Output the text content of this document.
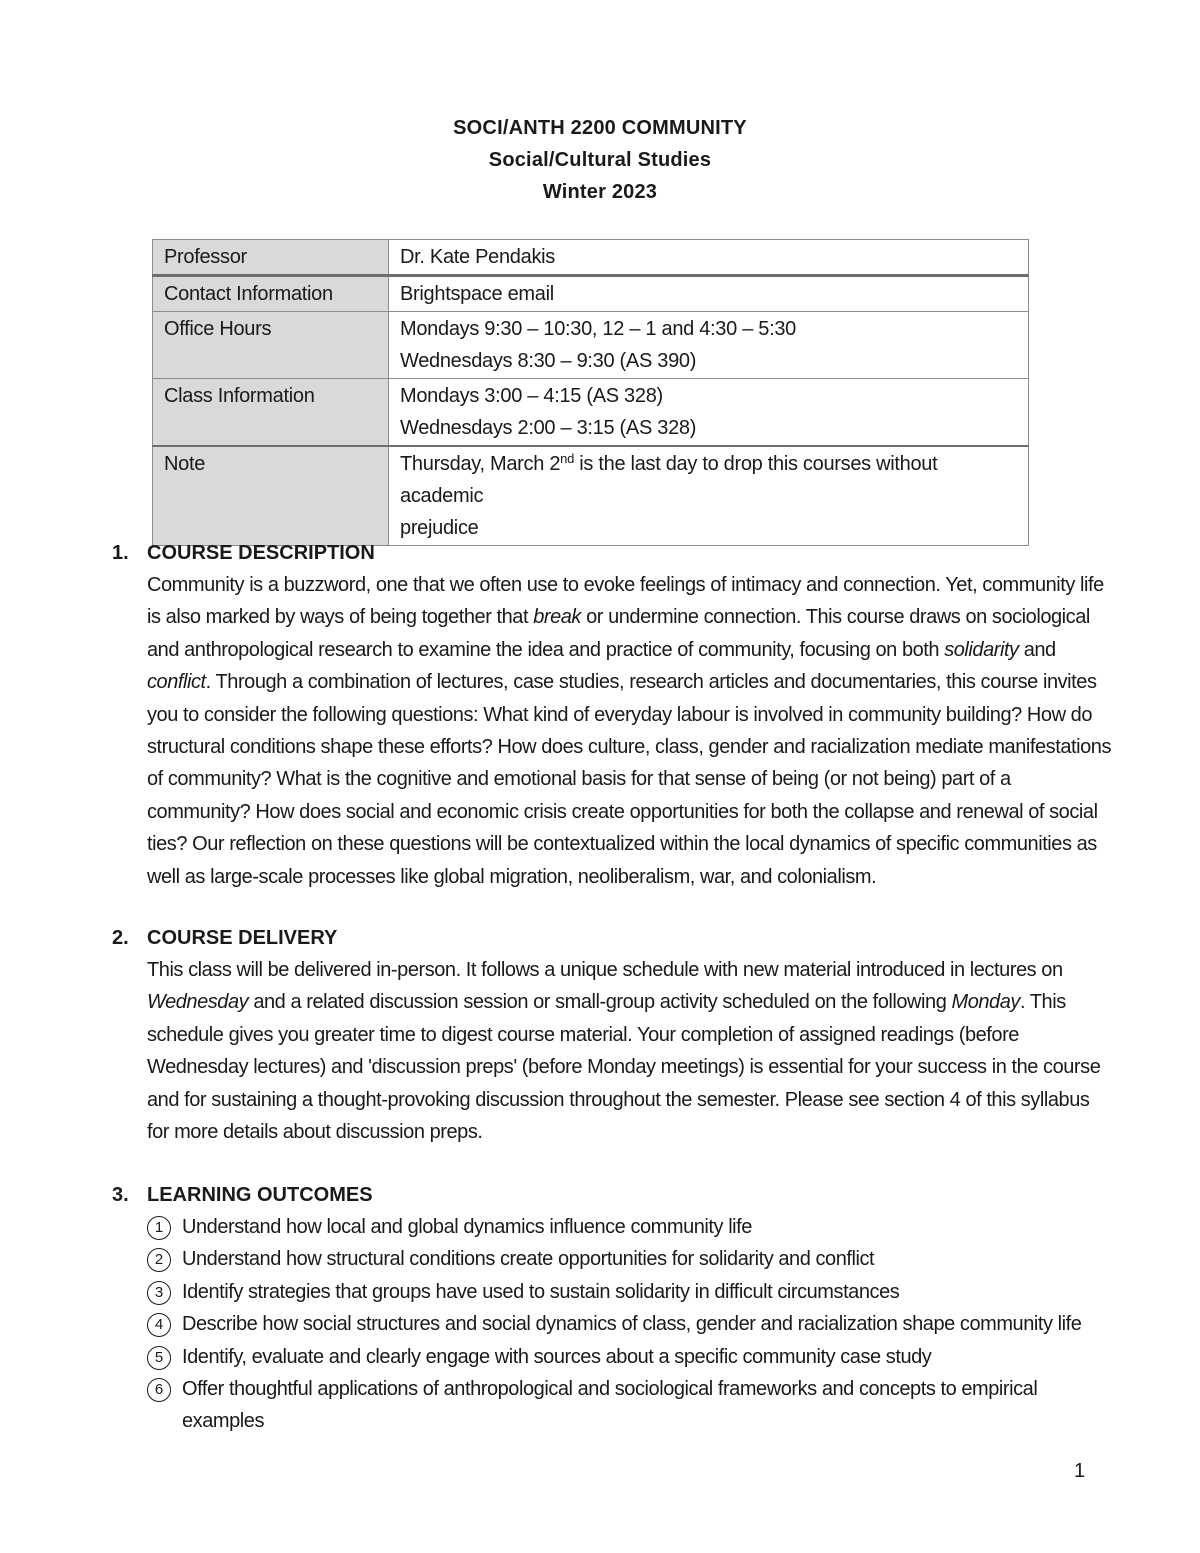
SOCI/ANTH 2200 COMMUNITY
Social/Cultural Studies
Winter 2023
Professor	Dr. Kate Pendakis
Contact Information	Brightspace email
Office Hours	Mondays 9:30 – 10:30, 12 – 1 and 4:30 – 5:30
Wednesdays 8:30 – 9:30 (AS 390)

Class Information	Mondays 3:00 – 4:15 (AS 328)
Wednesdays 2:00 – 3:15 (AS 328)

Note	Thursday, March 2nd is the last day to drop this courses without academic
prejudice
1. COURSE DESCRIPTION
Community is a buzzword, one that we often use to evoke feelings of intimacy and connection. Yet, community life
is also marked by ways of being together that break or undermine connection. This course draws on sociological
and anthropological research to examine the idea and practice of community, focusing on both solidarity and
conflict. Through a combination of lectures, case studies, research articles and documentaries, this course invites
you to consider the following questions: What kind of everyday labour is involved in community building? How do
structural conditions shape these efforts? How does culture, class, gender and racialization mediate manifestations
of community? What is the cognitive and emotional basis for that sense of being (or not being) part of a
community? How does social and economic crisis create opportunities for both the collapse and renewal of social
ties? Our reflection on these questions will be contextualized within the local dynamics of specific communities as
well as large-scale processes like global migration, neoliberalism, war, and colonialism.
2. COURSE DELIVERY
This class will be delivered in-person. It follows a unique schedule with new material introduced in lectures on
Wednesday and a related discussion session or small-group activity scheduled on the following Monday. This
schedule gives you greater time to digest course material. Your completion of assigned readings (before
Wednesday lectures) and 'discussion preps' (before Monday meetings) is essential for your success in the course
and for sustaining a thought-provoking discussion throughout the semester. Please see section 4 of this syllabus
for more details about discussion preps.
3. LEARNING OUTCOMES
1 Understand how local and global dynamics influence community life
2 Understand how structural conditions create opportunities for solidarity and conflict
3 Identify strategies that groups have used to sustain solidarity in difficult circumstances
4 Describe how social structures and social dynamics of class, gender and racialization shape community life
5 Identify, evaluate and clearly engage with sources about a specific community case study
6 Offer thoughtful applications of anthropological and sociological frameworks and concepts to empirical
examples
1
